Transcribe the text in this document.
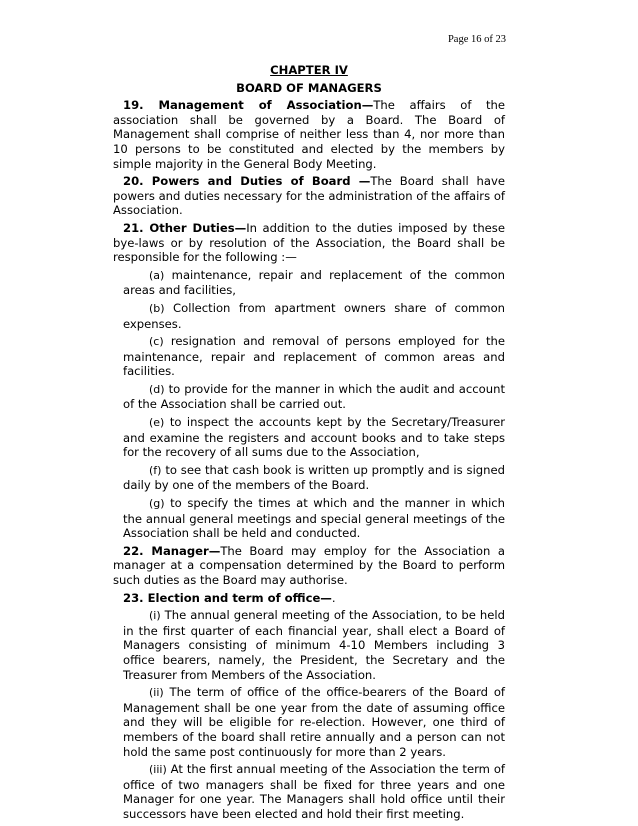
Page 16 of 23
CHAPTER IV
BOARD OF MANAGERS

19. Management of Association—The affairs of the association shall be governed by a Board. The Board of Management shall comprise of neither less than 4, nor more than 10 persons to be constituted and elected by the members by simple majority in the General Body Meeting.

20. Powers and Duties of Board —The Board shall have powers and duties necessary for the administration of the affairs of Association.

21. Other Duties—In addition to the duties imposed by these bye-laws or by resolution of the Association, the Board shall be responsible for the following :—

(a) maintenance, repair and replacement of the common areas and facilities,

(b) Collection from apartment owners share of common expenses.

(c) resignation and removal of persons employed for the maintenance, repair and replacement of common areas and facilities.

(d) to provide for the manner in which the audit and account of the Association shall be carried out.

(e) to inspect the accounts kept by the Secretary/Treasurer and examine the registers and account books and to take steps for the recovery of all sums due to the Association,

(f) to see that cash book is written up promptly and is signed daily by one of the members of the Board.

(g) to specify the times at which and the manner in which the annual general meetings and special general meetings of the Association shall be held and conducted.

22. Manager—The Board may employ for the Association a manager at a compensation determined by the Board to perform such duties as the Board may authorise.

23. Election and term of office—.

(i) The annual general meeting of the Association, to be held in the first quarter of each financial year, shall elect a Board of Managers consisting of minimum 4-10 Members including 3 office bearers, namely, the President, the Secretary and the Treasurer from Members of the Association.

(ii) The term of office of the office-bearers of the Board of Management shall be one year from the date of assuming office and they will be eligible for re-election. However, one third of members of the board shall retire annually and a person can not hold the same post continuously for more than 2 years.

(iii) At the first annual meeting of the Association the term of office of two managers shall be fixed for three years and one Manager for one year. The Managers shall hold office until their successors have been elected and hold their first meeting.
